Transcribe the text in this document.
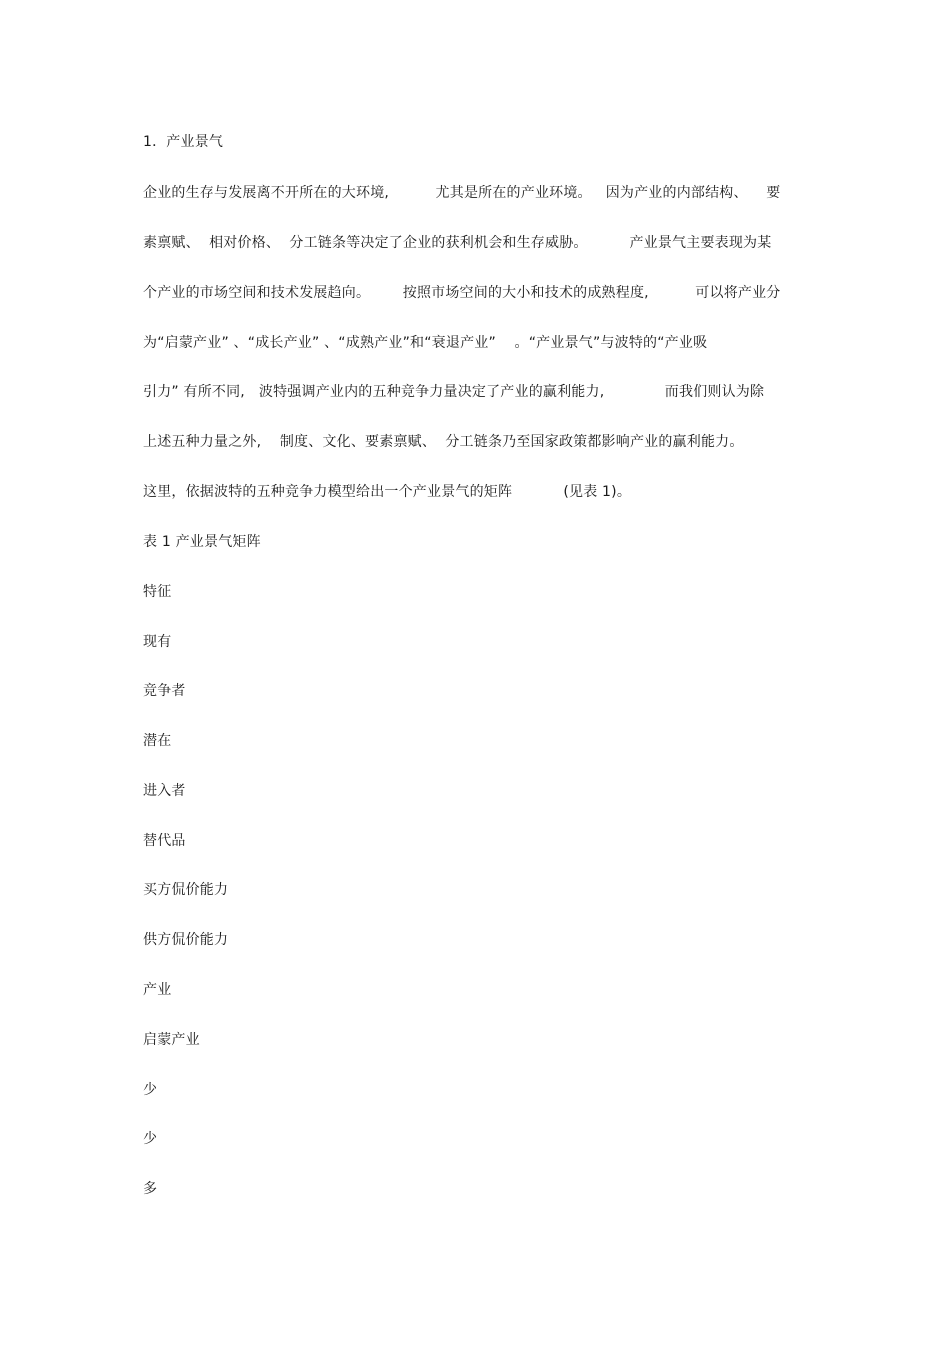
1．产业景气
企业的生存与发展离不开所在的大环境,          尤其是所在的产业环境。   因为产业的内部结构、    要
素禀赋、  相对价格、  分工链条等决定了企业的获利机会和生存威胁。         产业景气主要表现为某
个产业的市场空间和技术发展趋向。       按照市场空间的大小和技术的成熟程度,          可以将产业分
为“启蒙产业” 、“成长产业” 、“成熟产业”和“衰退产业”    。“产业景气”与波特的“产业吸
引力” 有所不同,   波特强调产业内的五种竞争力量决定了产业的赢利能力,             而我们则认为除
上述五种力量之外,    制度、文化、要素禀赋、  分工链条乃至国家政策都影响产业的赢利能力。
这里，依据波特的五种竞争力模型给出一个产业景气的矩阵           (见表 1)。
表 1 产业景气矩阵
特征
现有
竞争者
潜在
进入者
替代品
买方侃价能力
供方侃价能力
产业
启蒙产业
少
少
多
